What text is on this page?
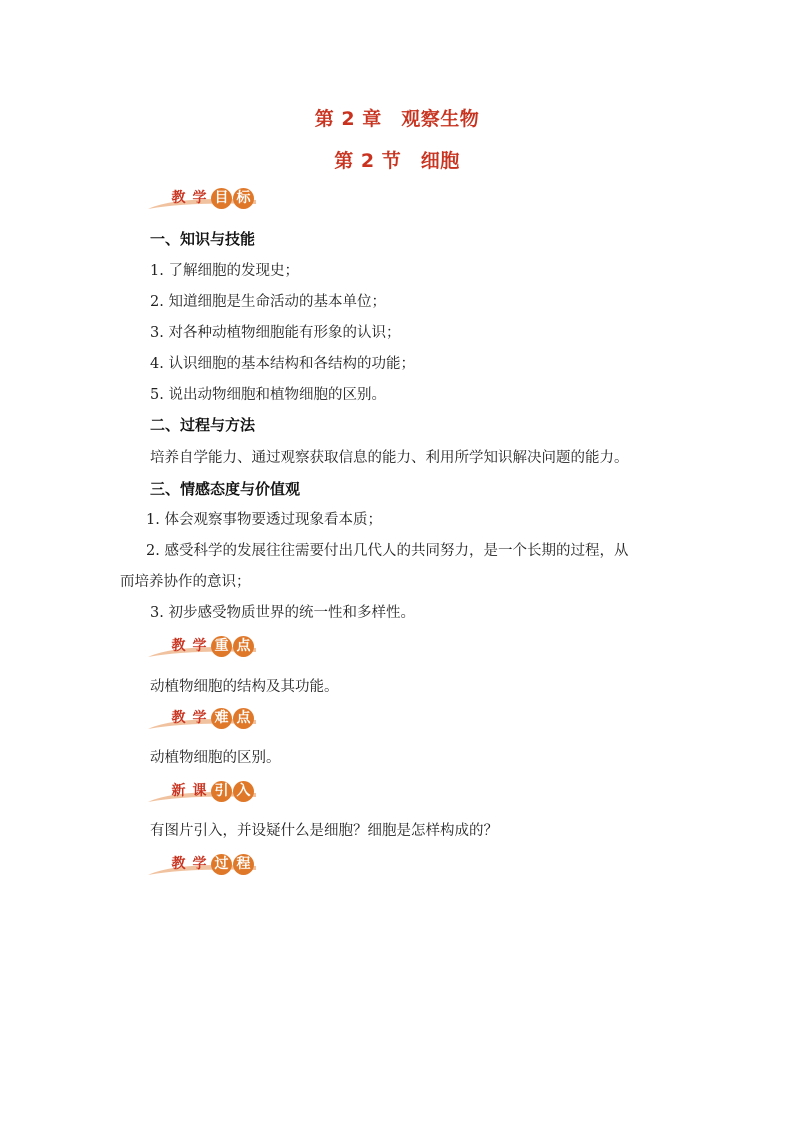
第 2 章　观察生物
第 2 节　细胞
教 学 目 标
一、知识与技能
1. 了解细胞的发现史；
2. 知道细胞是生命活动的基本单位；
3. 对各种动植物细胞能有形象的认识；
4. 认识细胞的基本结构和各结构的功能；
5. 说出动物细胞和植物细胞的区别。
二、过程与方法
培养自学能力、通过观察获取信息的能力、利用所学知识解决问题的能力。
三、情感态度与价值观
1. 体会观察事物要透过现象看本质；
2. 感受科学的发展往往需要付出几代人的共同努力，是一个长期的过程，从
而培养协作的意识；
3. 初步感受物质世界的统一性和多样性。
教 学 重 点
动植物细胞的结构及其功能。
教 学 难 点
动植物细胞的区别。
新 课 引 入
有图片引入，并设疑什么是细胞？细胞是怎样构成的？
教 学 过 程
